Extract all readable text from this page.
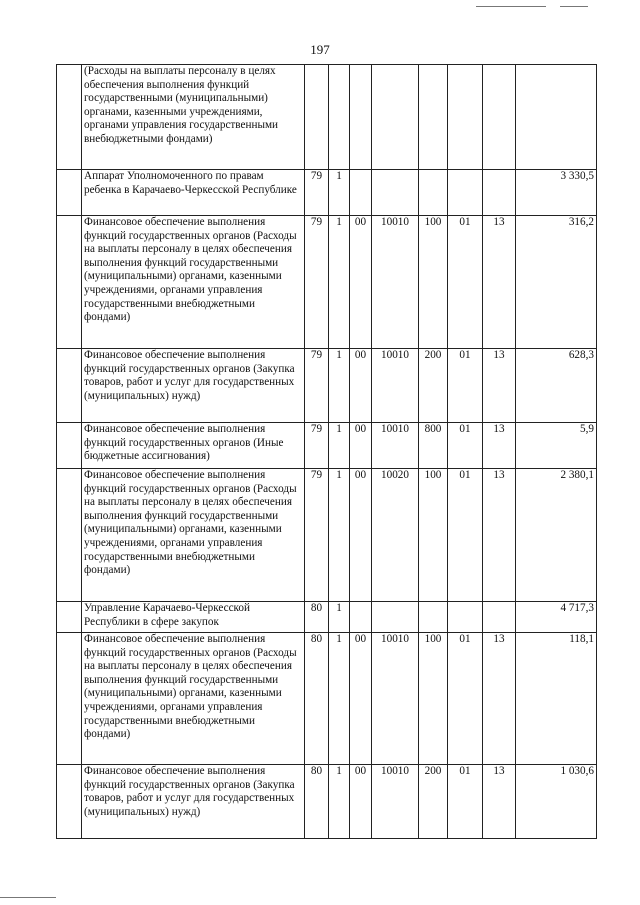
197
	(Расходы на выплаты персоналу в целях обеспечения выполнения функций государственными (муниципальными) органами, казенными учреждениями, органами управления государственными внебюджетными фондами)								
	Аппарат Уполномоченного по правам ребенка в Карачаево-Черкесской Республике	79	1						3 330,5
	Финансовое обеспечение выполнения функций государственных органов (Расходы на выплаты персоналу в целях обеспечения выполнения функций государственными (муниципальными) органами, казенными учреждениями, органами управления государственными внебюджетными фондами)	79	1	00	10010	100	01	13	316,2
	Финансовое обеспечение выполнения функций государственных органов (Закупка товаров, работ и услуг для государственных (муниципальных) нужд)	79	1	00	10010	200	01	13	628,3
	Финансовое обеспечение выполнения функций государственных органов (Иные бюджетные ассигнования)	79	1	00	10010	800	01	13	5,9
	Финансовое обеспечение выполнения функций государственных органов (Расходы на выплаты персоналу в целях обеспечения выполнения функций государственными (муниципальными) органами, казенными учреждениями, органами управления государственными внебюджетными фондами)	79	1	00	10020	100	01	13	2 380,1
	Управление Карачаево-Черкесской Республики в сфере закупок	80	1						4 717,3
	Финансовое обеспечение выполнения функций государственных органов (Расходы на выплаты персоналу в целях обеспечения выполнения функций государственными (муниципальными) органами, казенными учреждениями, органами управления государственными внебюджетными фондами)	80	1	00	10010	100	01	13	118,1
	Финансовое обеспечение выполнения функций государственных органов (Закупка товаров, работ и услуг для государственных (муниципальных) нужд)	80	1	00	10010	200	01	13	1 030,6
